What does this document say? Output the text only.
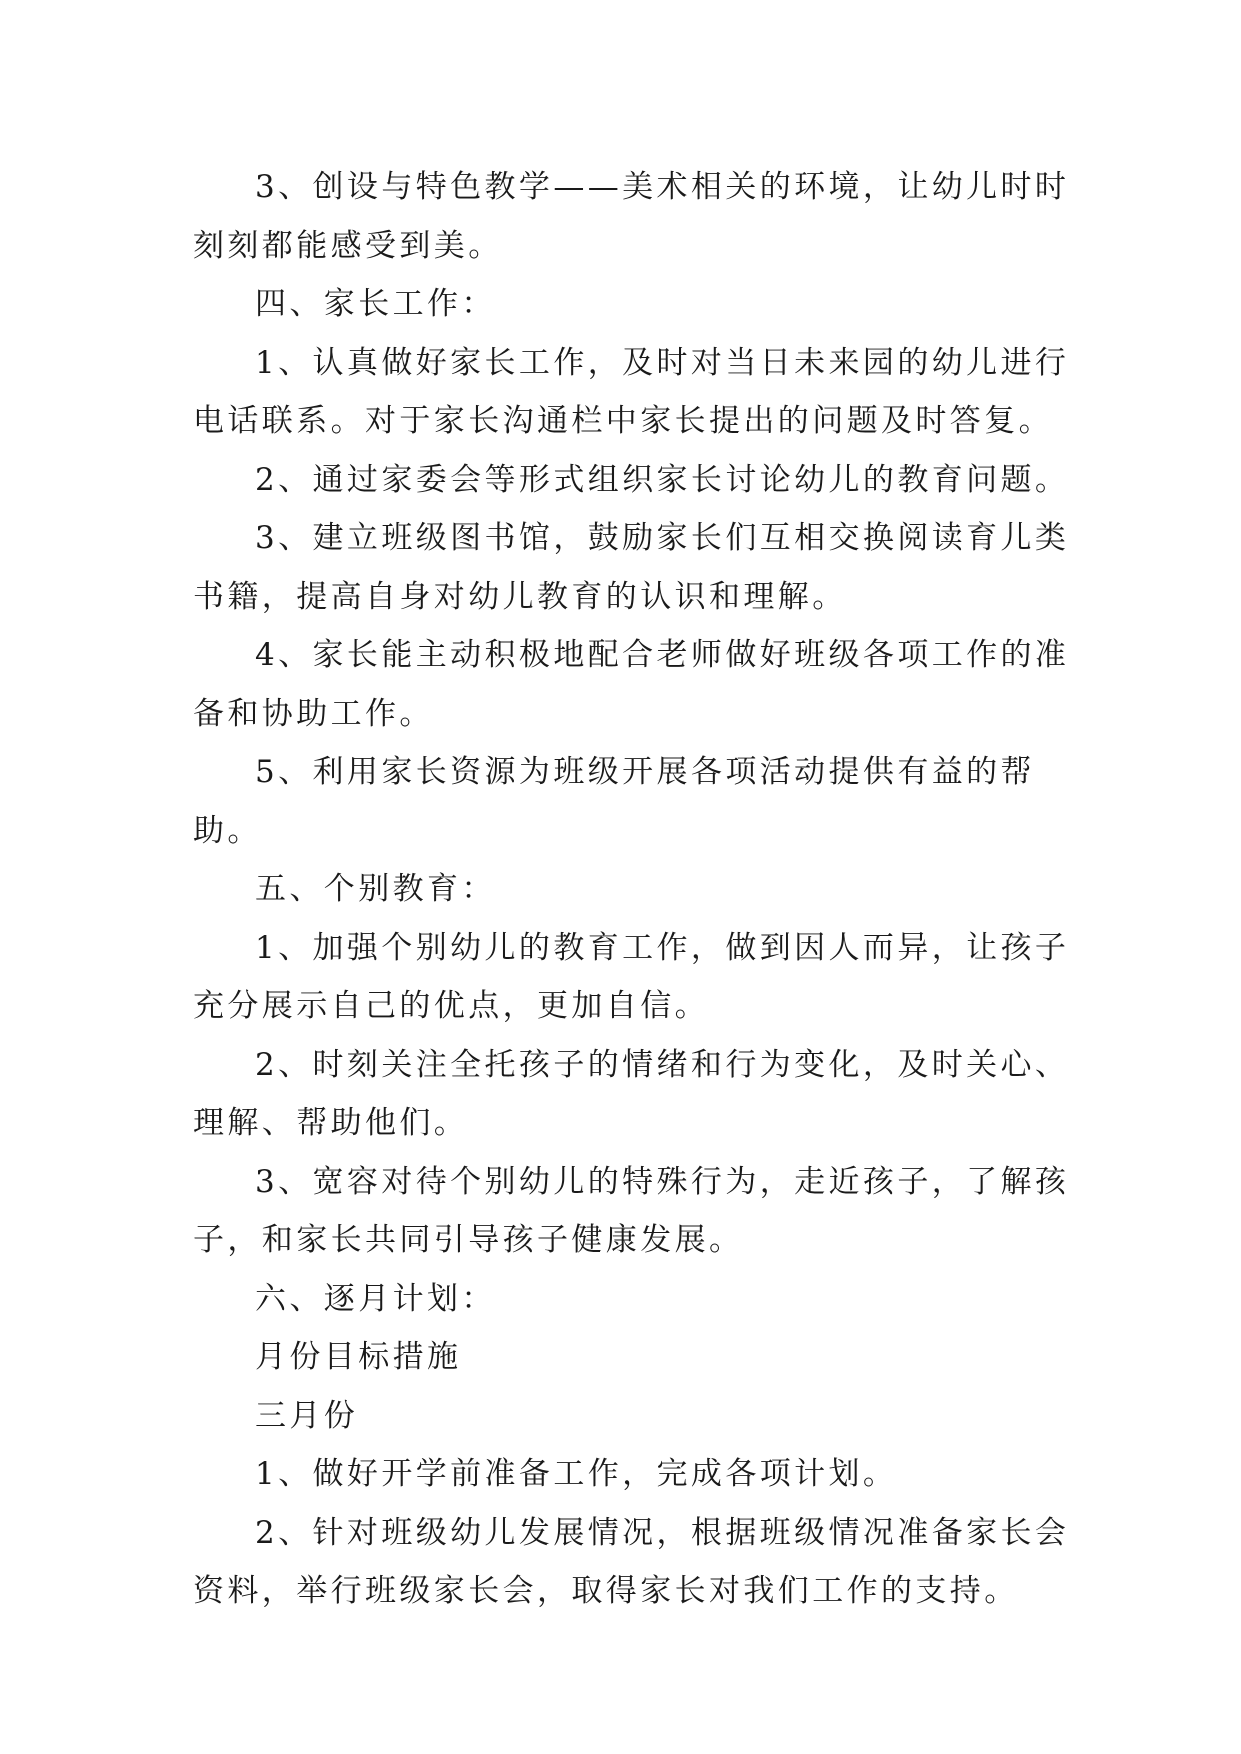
3、创设与特色教学——美术相关的环境，让幼儿时时刻刻都能感受到美。

四、家长工作：

1、认真做好家长工作，及时对当日未来园的幼儿进行电话联系。对于家长沟通栏中家长提出的问题及时答复。

2、通过家委会等形式组织家长讨论幼儿的教育问题。

3、建立班级图书馆，鼓励家长们互相交换阅读育儿类书籍，提高自身对幼儿教育的认识和理解。

4、家长能主动积极地配合老师做好班级各项工作的准备和协助工作。

5、利用家长资源为班级开展各项活动提供有益的帮助。

五、个别教育：

1、加强个别幼儿的教育工作，做到因人而异，让孩子充分展示自己的优点，更加自信。

2、时刻关注全托孩子的情绪和行为变化，及时关心、理解、帮助他们。

3、宽容对待个别幼儿的特殊行为，走近孩子，了解孩子，和家长共同引导孩子健康发展。

六、逐月计划：

月份目标措施

三月份

1、做好开学前准备工作，完成各项计划。

2、针对班级幼儿发展情况，根据班级情况准备家长会资料，举行班级家长会，取得家长对我们工作的支持。
